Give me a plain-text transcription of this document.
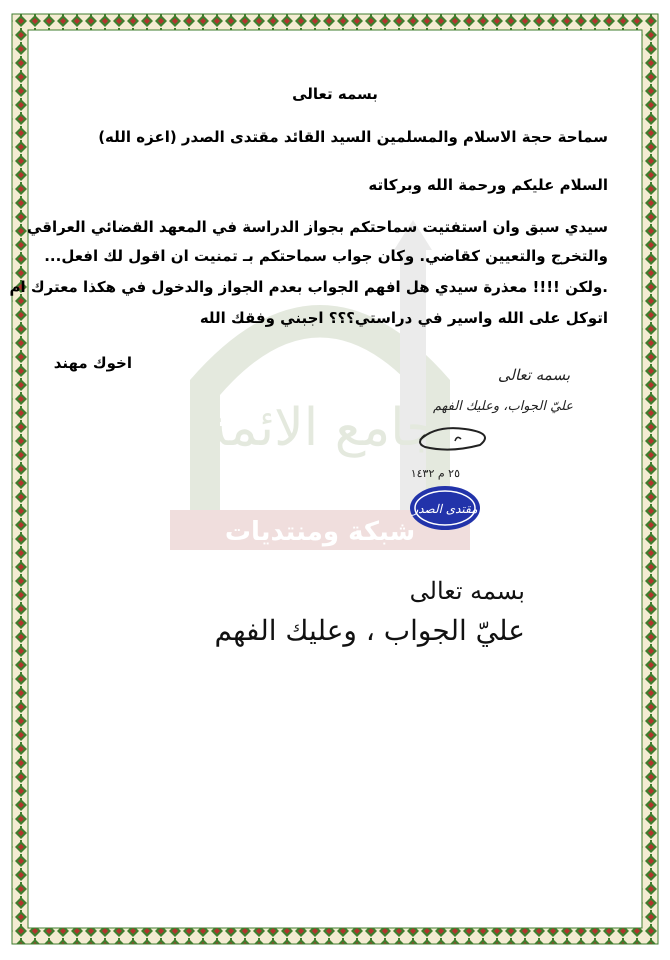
جامع الائمة
شبكة ومنتديات

بسمه تعالى

سماحة حجة الاسلام والمسلمين السيد القائد مقتدى الصدر (اعزه الله)

السلام عليكم ورحمة الله وبركاته

سيدي سبق وان استفتيت سماحتكم بجواز الدراسة في المعهد القضائي العراقي

والتخرج والتعيين كقاضي. وكان جواب سماحتكم بـ تمنيت ان اقول لك افعل...

.ولكن !!!! معذرة سيدي هل افهم الجواب بعدم الجواز والدخول في هكذا معترك ام

اتوكل على الله واسير في دراستي؟؟؟ اجبني وفقك الله

اخوك مهند

بسمه تعالى
عليّ الجواب، وعليك الفهم
٢٥ م ١٤٣٢
مقتدى الصدر
بسمه تعالى
عليّ الجواب ، وعليك الفهم
